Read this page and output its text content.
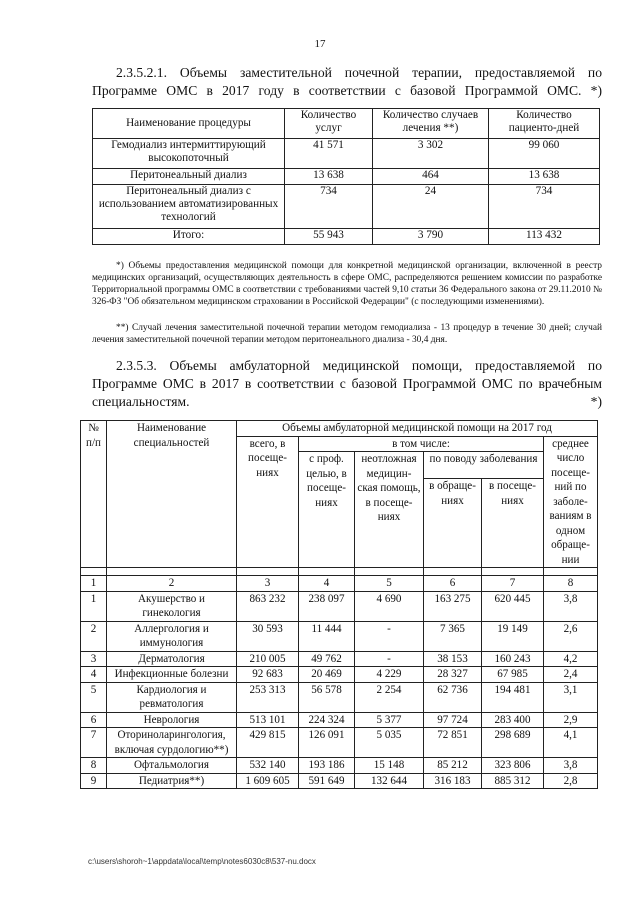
17
2.3.5.2.1. Объемы заместительной почечной терапии, предоставляемой по Программе ОМС в 2017 году в соответствии с базовой Программой ОМС. *)
Наименование процедуры	Количество услуг	Количество случаев лечения **)	Количество пациенто-дней
Гемодиализ интермиттирующий высокопоточный	41 571	3 302	99 060
Перитонеальный диализ	13 638	464	13 638
Перитонеальный диализ с использованием автоматизированных технологий	734	24	734
Итого:	55 943	3 790	113 432
*) Объемы предоставления медицинской помощи для конкретной медицинской организации, включенной в реестр медицинских организаций, осуществляющих деятельность в сфере ОМС, распределяются решением комиссии по разработке Территориальной программы ОМС в соответствии с требованиями частей 9,10 статьи 36 Федерального закона от 29.11.2010 № 326-ФЗ "Об обязательном медицинском страховании в Российской Федерации" (с последующими изменениями).
**) Случай лечения заместительной почечной терапии методом гемодиализа - 13 процедур в течение 30 дней; случай лечения заместительной почечной терапии методом перитонеального диализа - 30,4 дня.
2.3.5.3. Объемы амбулаторной медицинской помощи, предоставляемой по Программе ОМС в 2017 в соответствии с базовой Программой ОМС по врачебным специальностям. *)
№ п/п	Наименование специальностей	Объемы амбулаторной медицинской помощи на 2017 год					
		всего, в посеще- ниях	в том числе:				среднее число посеще- ний по заболе- ваниям в одном обраще- нии
			с проф. целью, в посеще- ниях	неотложная медицин- ская помощь, в посеще- ниях	по поводу заболевания		
					в обраще- ниях	в посеще- ниях	

1	2	3	4	5	6	7	8
1	Акушерство и гинекология	863 232	238 097	4 690	163 275	620 445	3,8
2	Аллергология и иммунология	30 593	11 444	-	7 365	19 149	2,6
3	Дерматология	210 005	49 762	-	38 153	160 243	4,2
4	Инфекционные болезни	92 683	20 469	4 229	28 327	67 985	2,4
5	Кардиология и ревматология	253 313	56 578	2 254	62 736	194 481	3,1
6	Неврология	513 101	224 324	5 377	97 724	283 400	2,9
7	Оториноларингология, включая сурдологию**)	429 815	126 091	5 035	72 851	298 689	4,1
8	Офтальмология	532 140	193 186	15 148	85 212	323 806	3,8
9	Педиатрия**)	1 609 605	591 649	132 644	316 183	885 312	2,8
c:\users\shoroh~1\appdata\local\temp\notes6030c8\537-nu.docx
